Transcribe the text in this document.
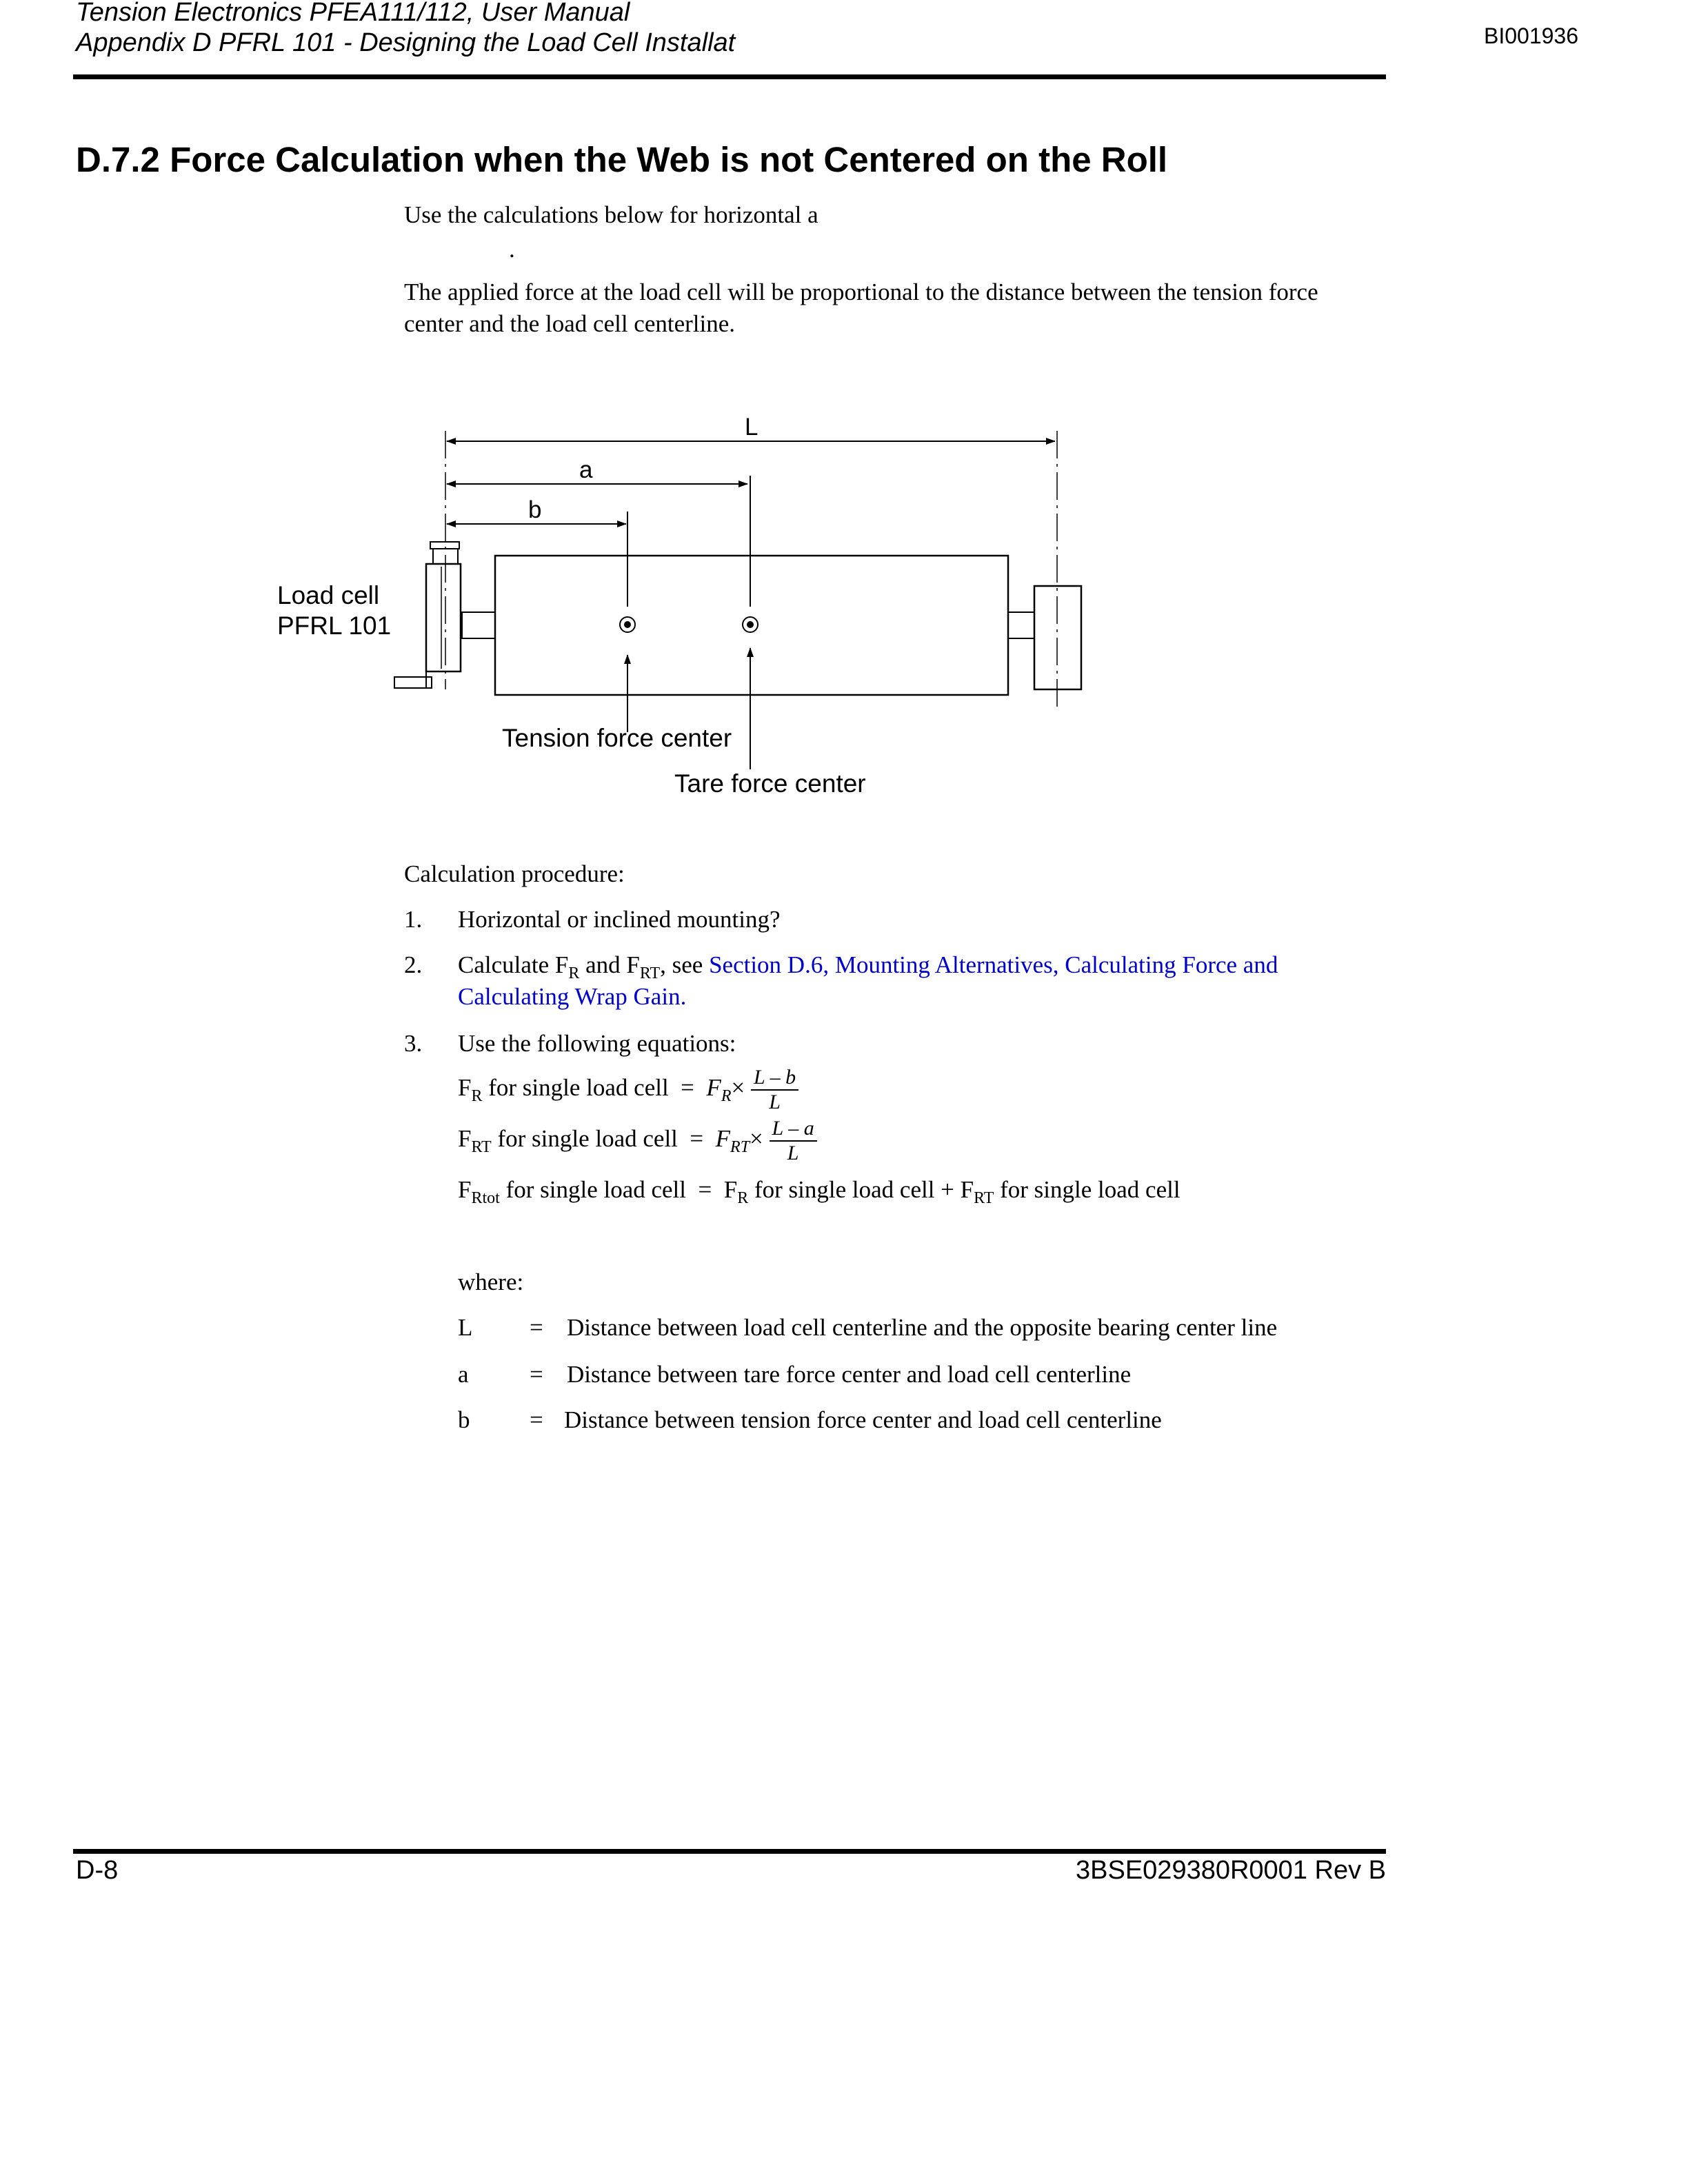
Tension Electronics PFEA111/112, User Manual
Appendix D PFRL 101 - Designing the Load Cell Installat	BI001936
D.7.2 Force Calculation when the Web is not Centered on the Roll
Use the calculations below for horizontal a
.
The applied force at the load cell will be proportional to the distance between the tension force
center and the load cell centerline.
L
a
b
Load cell
PFRL 101
Tension force center
Tare force center
Calculation procedure:
1. Horizontal or inclined mounting?
2. Calculate $F_R$ and $F_{RT}$, see Section D.6, Mounting Alternatives, Calculating Force and
Calculating Wrap Gain.
3. Use the following equations:
$F_R$ for single load cell  =  $F_R\times \frac{L - b}{L}$
$F_{RT}$ for single load cell  =  $F_{RT}\times \frac{L - a}{L}$
$F_{Rtot}$ for single load cell  =  $F_R$ for single load cell + $F_{RT}$ for single load cell
where:
L = Distance between load cell centerline and the opposite bearing center line
a	= Distance between tare force center and load cell centerline
b = Distance between tension force center and load cell centerline
D-8	3BSE029380R0001 Rev B
